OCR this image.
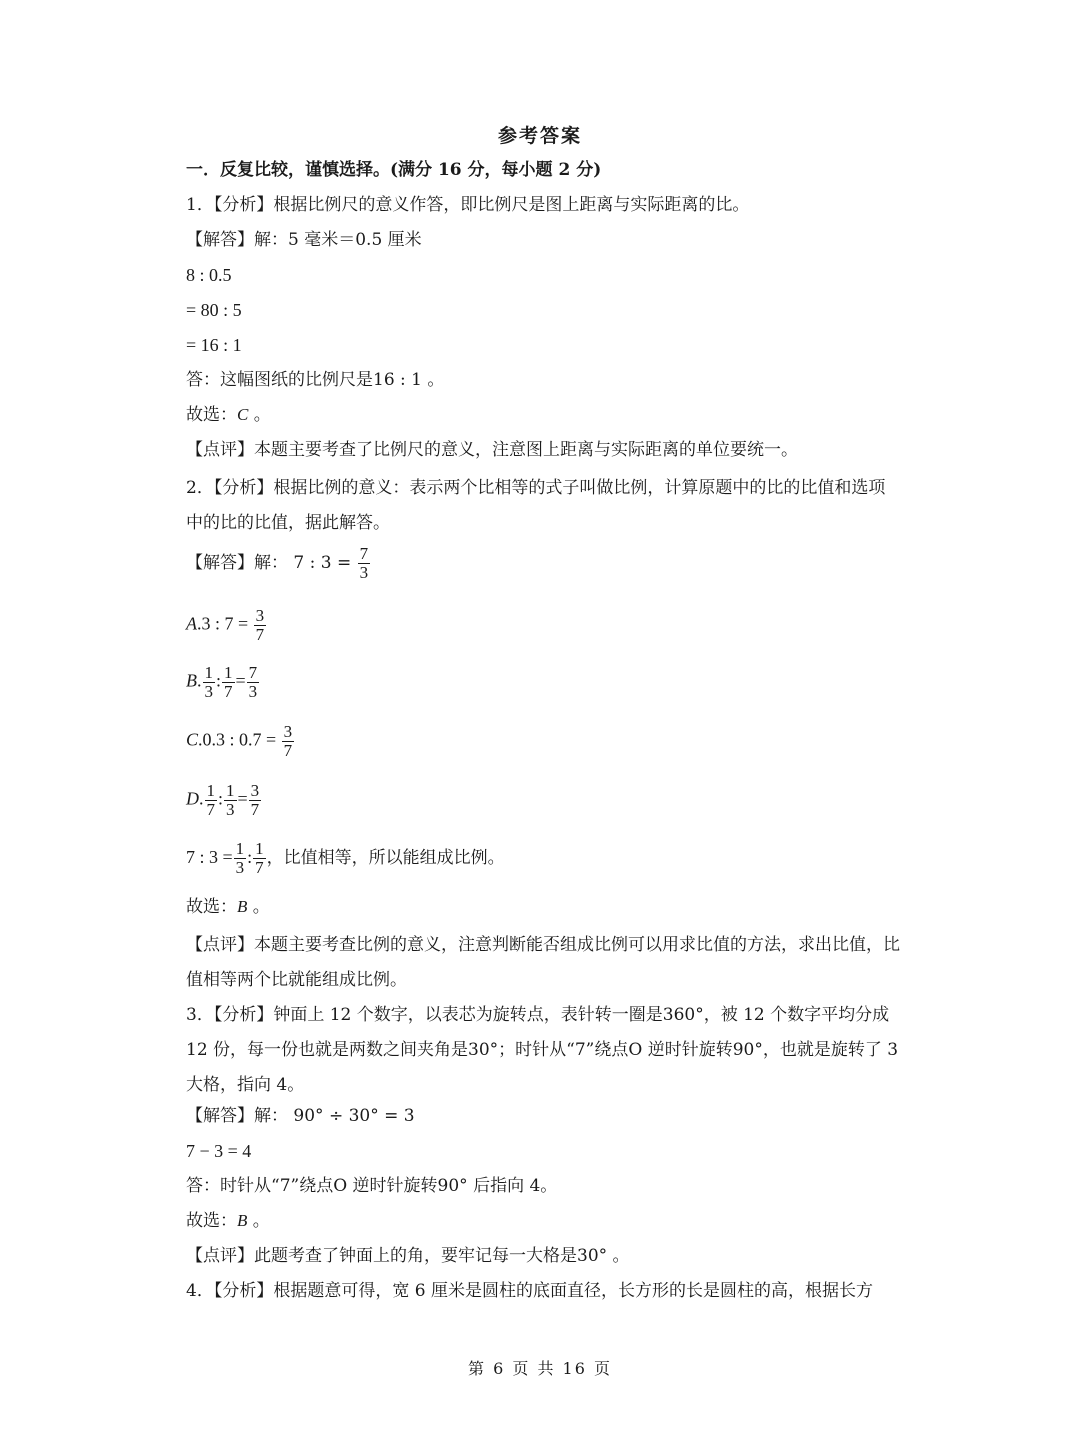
参考答案
一．反复比较，谨慎选择。(满分 16 分，每小题 2 分)
1．【分析】根据比例尺的意义作答，即比例尺是图上距离与实际距离的比。
【解答】解：5 毫米＝0.5 厘米
8 : 0.5
= 80 : 5
= 16 : 1
答：这幅图纸的比例尺是16 : 1 。
故选：C 。
【点评】本题主要考查了比例尺的意义，注意图上距离与实际距离的单位要统一。
2．【分析】根据比例的意义：表示两个比相等的式子叫做比例，计算原题中的比的比值和选项中的比的比值，据此解答。
【解答】解： 7 : $3 = \frac{7}{3}$
A.3 : $7 = \frac{3}{7}$
B. $\frac{1}{3}$ : $\frac{1}{7} = \frac{7}{3}$
C.0.3 : $0.7 = \frac{3}{7}$
D. $\frac{1}{7}$ : $\frac{1}{3} = \frac{3}{7}$
7 : $3 = \frac{1}{3}$ : $\frac{1}{7}$ ，比值相等，所以能组成比例。
故选：B 。
【点评】本题主要考查比例的意义，注意判断能否组成比例可以用求比值的方法，求出比值，比值相等两个比就能组成比例。
3．【分析】钟面上 12 个数字，以表芯为旋转点，表针转一圈是360°，被 12 个数字平均分成 12 份，每一份也就是两数之间夹角是30°；时针从“7”绕点O 逆时针旋转90°，也就是旋转了 3 大格，指向 4。
【解答】解： 90° ÷ 30° = 3
7 − 3 = 4
答：时针从“7”绕点O 逆时针旋转90° 后指向 4。
故选：B 。
【点评】此题考查了钟面上的角，要牢记每一大格是30° 。
4．【分析】根据题意可得，宽 6 厘米是圆柱的底面直径，长方形的长是圆柱的高，根据长方
第 6 页 共 16 页
